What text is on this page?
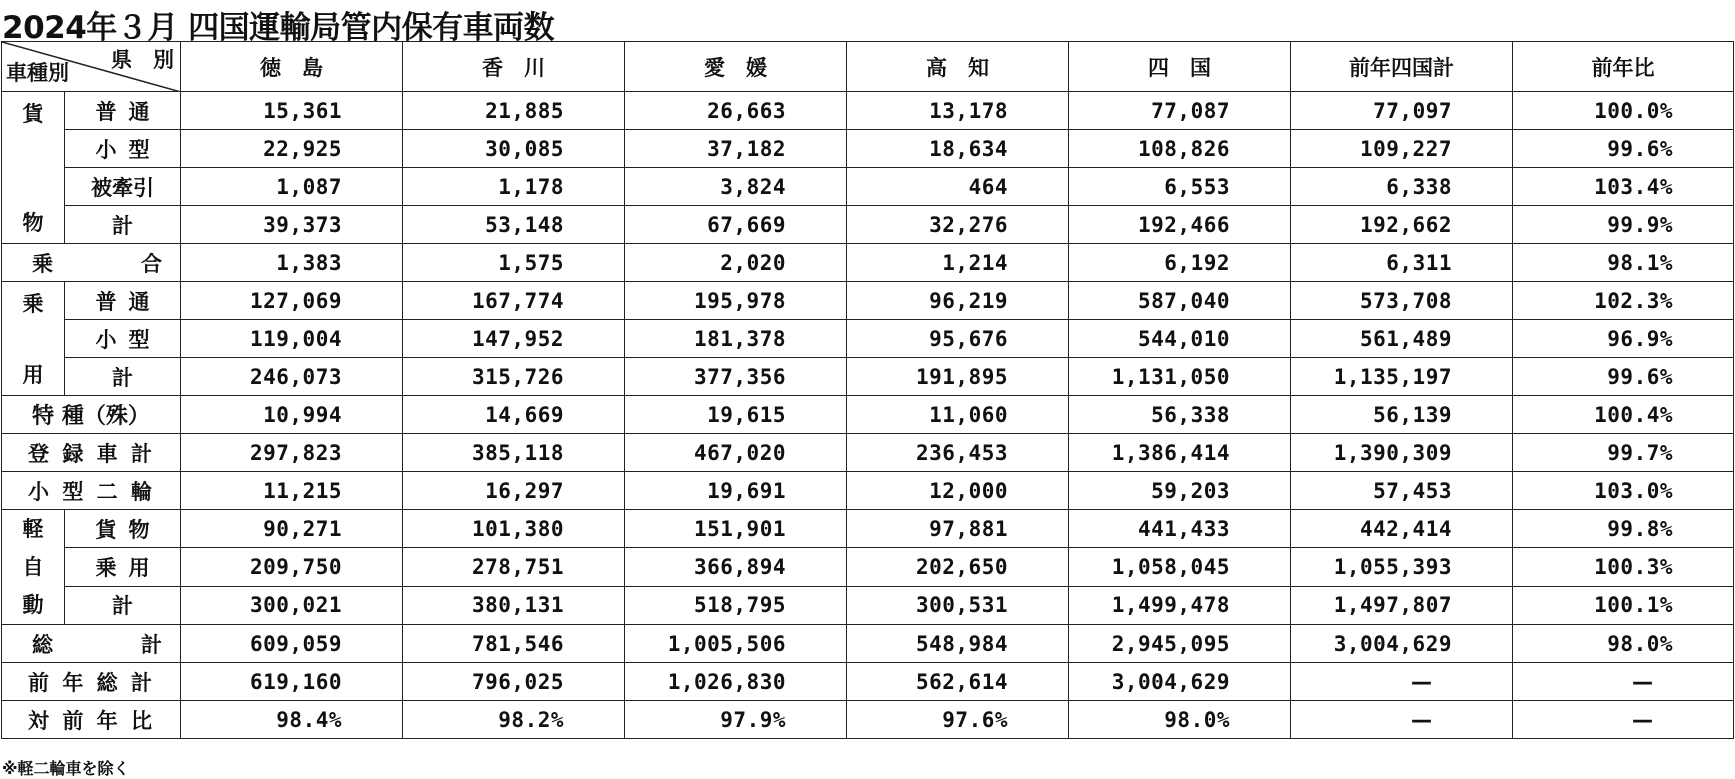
2024年３月 四国運輸局管内保有車両数
県　別
車種別		徳　島	香　川	愛　媛	高　知	四　国	前年四国計	前年比

貨
物	普通	15,361	21,885	26,663	13,178	77,087	77,097	100.0%
	小型	22,925	30,085	37,182	18,634	108,826	109,227	99.6%
	被牽引	1,087	1,178	3,824	464	6,553	6,338	103.4%
	計	39,373	53,148	67,669	32,276	192,466	192,662	99.9%
乗合		1,383	1,575	2,020	1,214	6,192	6,311	98.1%

乗
用	普通	127,069	167,774	195,978	96,219	587,040	573,708	102.3%
	小型	119,004	147,952	181,378	95,676	544,010	561,489	96.9%
	計	246,073	315,726	377,356	191,895	1,131,050	1,135,197	99.6%
特 種（殊）		10,994	14,669	19,615	11,060	56,338	56,139	100.4%
登録車計		297,823	385,118	467,020	236,453	1,386,414	1,390,309	99.7%
小型二輪		11,215	16,297	19,691	12,000	59,203	57,453	103.0%

軽
自
動	貨物	90,271	101,380	151,901	97,881	441,433	442,414	99.8%
	乗用	209,750	278,751	366,894	202,650	1,058,045	1,055,393	100.3%
	計	300,021	380,131	518,795	300,531	1,499,478	1,497,807	100.1%
総計		609,059	781,546	1,005,506	548,984	2,945,095	3,004,629	98.0%
前年総計		619,160	796,025	1,026,830	562,614	3,004,629	—	—
対前年比		98.4%	98.2%	97.9%	97.6%	98.0%	—	—
※軽二輪車を除く
